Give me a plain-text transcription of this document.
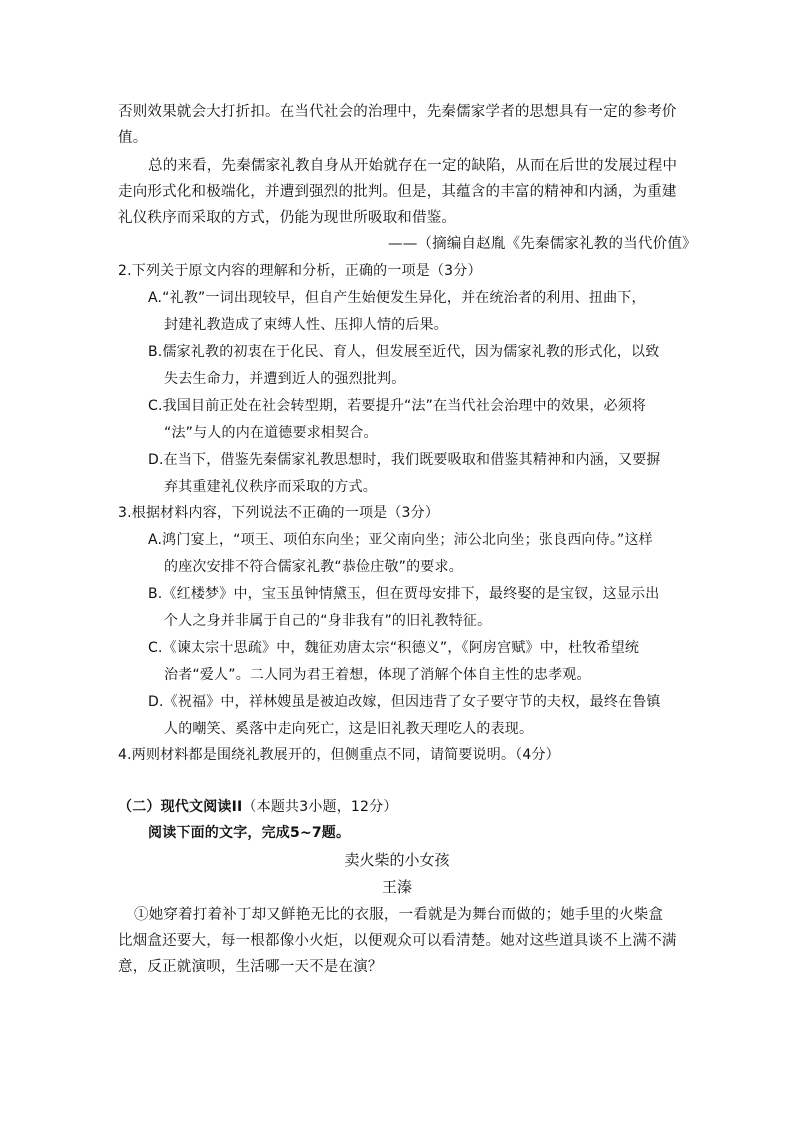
否则效果就会大打折扣。在当代社会的治理中，先秦儒家学者的思想具有一定的参考价
值。
总的来看，先秦儒家礼教自身从开始就存在一定的缺陷，从而在后世的发展过程中
走向形式化和极端化，并遭到强烈的批判。但是，其蕴含的丰富的精神和内涵，为重建
礼仪秩序而采取的方式，仍能为现世所吸取和借鉴。
——（摘编自赵胤《先秦儒家礼教的当代价值》
2.下列关于原文内容的理解和分析，正确的一项是（3分）
A.“礼教”一词出现较早，但自产生始便发生异化，并在统治者的利用、扭曲下，
封建礼教造成了束缚人性、压抑人情的后果。
B.儒家礼教的初衷在于化民、育人，但发展至近代，因为儒家礼教的形式化，以致
失去生命力，并遭到近人的强烈批判。
C.我国目前正处在社会转型期，若要提升“法”在当代社会治理中的效果，必须将
“法”与人的内在道德要求相契合。
D.在当下，借鉴先秦儒家礼教思想时，我们既要吸取和借鉴其精神和内涵，又要摒
弃其重建礼仪秩序而采取的方式。
3.根据材料内容，下列说法不正确的一项是（3分）
A.鸿门宴上，“项王、项伯东向坐；亚父南向坐；沛公北向坐；张良西向侍。”这样
的座次安排不符合儒家礼教“恭俭庄敬”的要求。
B.《红楼梦》中，宝玉虽钟情黛玉，但在贾母安排下，最终娶的是宝钗，这显示出
个人之身并非属于自己的“身非我有”的旧礼教特征。
C.《谏太宗十思疏》中，魏征劝唐太宗“积德义”，《阿房宫赋》中，杜牧希望统
治者“爱人”。二人同为君王着想，体现了消解个体自主性的忠孝观。
D.《祝福》中，祥林嫂虽是被迫改嫁，但因违背了女子要守节的夫权，最终在鲁镇
人的嘲笑、奚落中走向死亡，这是旧礼教天理吃人的表现。
4.两则材料都是围绕礼教展开的，但侧重点不同，请简要说明。（4分）
（二）现代文阅读II（本题共3小题，12分）
阅读下面的文字，完成5~7题。
卖火柴的小女孩
王溱
①她穿着打着补丁却又鲜艳无比的衣服，一看就是为舞台而做的；她手里的火柴盒
比烟盒还要大，每一根都像小火炬，以便观众可以看清楚。她对这些道具谈不上满不满
意，反正就演呗，生活哪一天不是在演？
